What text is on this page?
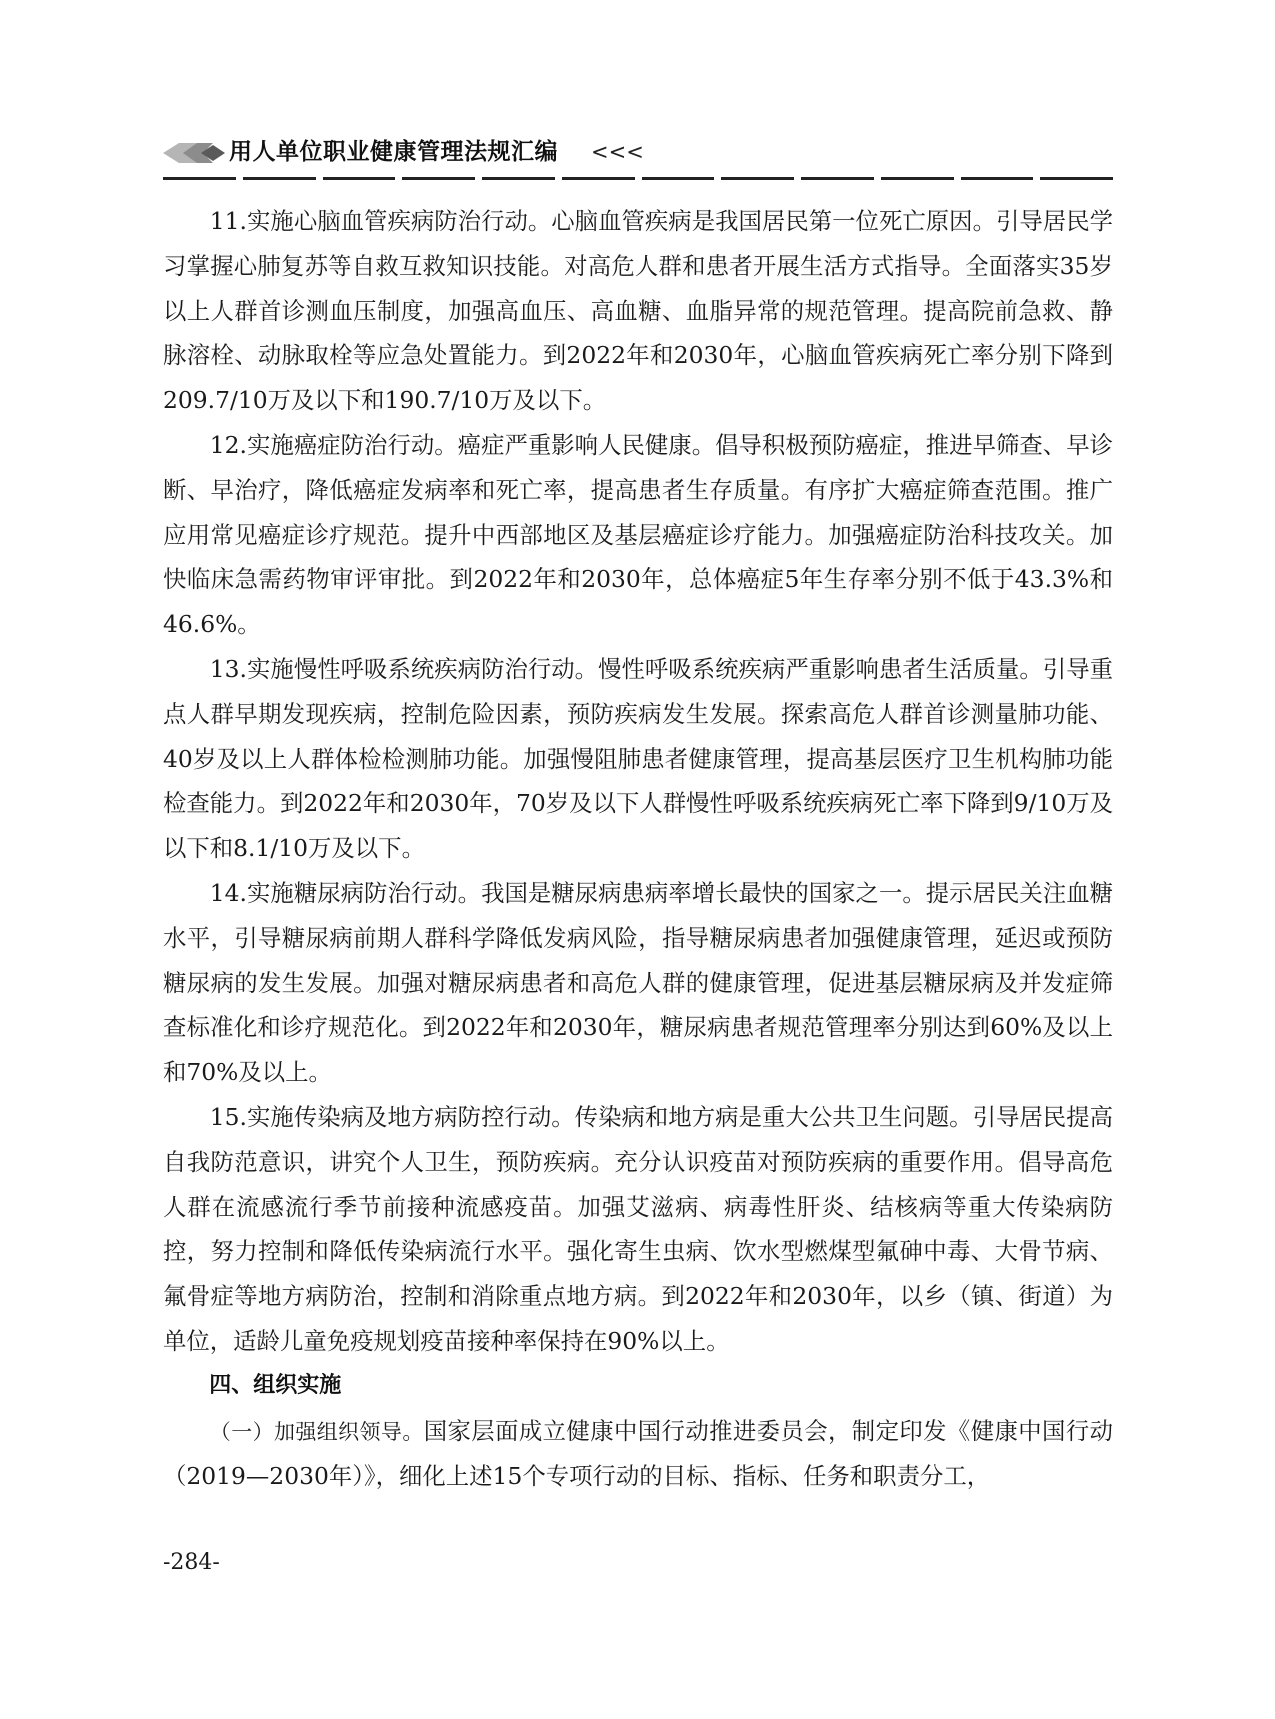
用人单位职业健康管理法规汇编 <<<

11.实施心脑血管疾病防治行动。心脑血管疾病是我国居民第一位死亡原因。引导居民学习掌握心肺复苏等自救互救知识技能。对高危人群和患者开展生活方式指导。全面落实35岁以上人群首诊测血压制度，加强高血压、高血糖、血脂异常的规范管理。提高院前急救、静脉溶栓、动脉取栓等应急处置能力。到2022年和2030年，心脑血管疾病死亡率分别下降到209.7/10万及以下和190.7/10万及以下。

12.实施癌症防治行动。癌症严重影响人民健康。倡导积极预防癌症，推进早筛查、早诊断、早治疗，降低癌症发病率和死亡率，提高患者生存质量。有序扩大癌症筛查范围。推广应用常见癌症诊疗规范。提升中西部地区及基层癌症诊疗能力。加强癌症防治科技攻关。加快临床急需药物审评审批。到2022年和2030年，总体癌症5年生存率分别不低于43.3%和46.6%。

13.实施慢性呼吸系统疾病防治行动。慢性呼吸系统疾病严重影响患者生活质量。引导重点人群早期发现疾病，控制危险因素，预防疾病发生发展。探索高危人群首诊测量肺功能、40岁及以上人群体检检测肺功能。加强慢阻肺患者健康管理，提高基层医疗卫生机构肺功能检查能力。到2022年和2030年，70岁及以下人群慢性呼吸系统疾病死亡率下降到9/10万及以下和8.1/10万及以下。

14.实施糖尿病防治行动。我国是糖尿病患病率增长最快的国家之一。提示居民关注血糖水平，引导糖尿病前期人群科学降低发病风险，指导糖尿病患者加强健康管理，延迟或预防糖尿病的发生发展。加强对糖尿病患者和高危人群的健康管理，促进基层糖尿病及并发症筛查标准化和诊疗规范化。到2022年和2030年，糖尿病患者规范管理率分别达到60%及以上和70%及以上。

15.实施传染病及地方病防控行动。传染病和地方病是重大公共卫生问题。引导居民提高自我防范意识，讲究个人卫生，预防疾病。充分认识疫苗对预防疾病的重要作用。倡导高危人群在流感流行季节前接种流感疫苗。加强艾滋病、病毒性肝炎、结核病等重大传染病防控，努力控制和降低传染病流行水平。强化寄生虫病、饮水型燃煤型氟砷中毒、大骨节病、氟骨症等地方病防治，控制和消除重点地方病。到2022年和2030年，以乡（镇、街道）为单位，适龄儿童免疫规划疫苗接种率保持在90%以上。

四、组织实施

（一）加强组织领导。国家层面成立健康中国行动推进委员会，制定印发《健康中国行动（2019—2030年）》，细化上述15个专项行动的目标、指标、任务和职责分工，

-284-
